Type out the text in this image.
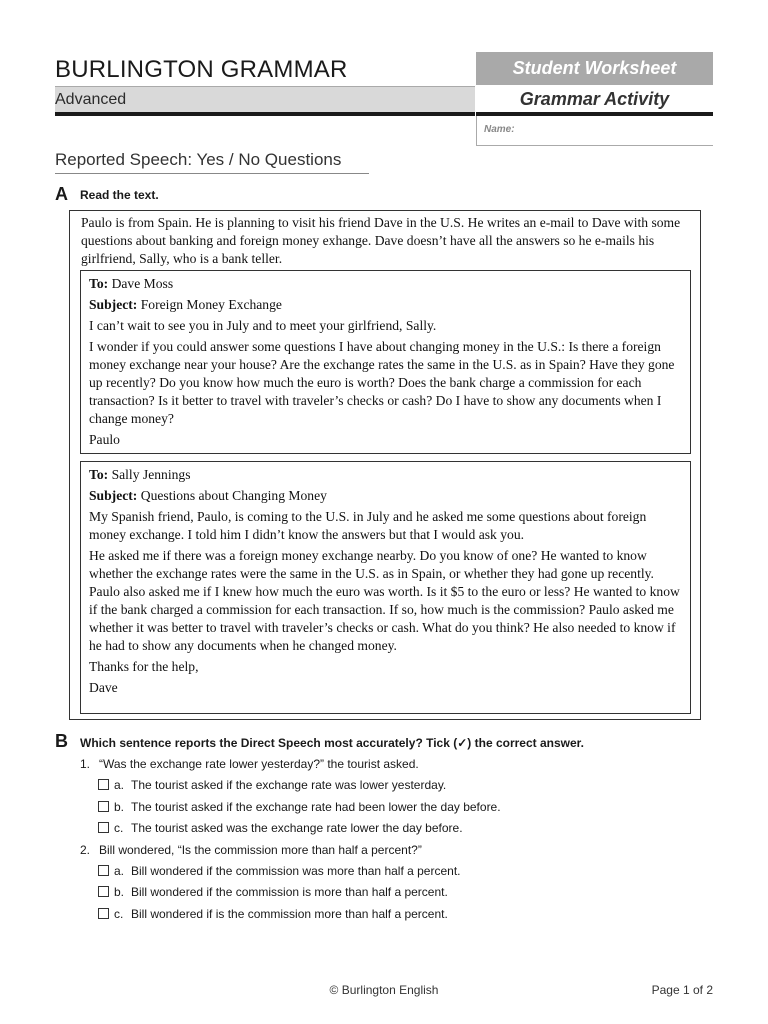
BURLINGTON GRAMMAR
Advanced
Student Worksheet
Grammar Activity
Name:
Reported Speech: Yes / No Questions
A Read the text.
Paulo is from Spain. He is planning to visit his friend Dave in the U.S. He writes an e-mail to Dave with some questions about banking and foreign money exhange. Dave doesn’t have all the answers so he e-mails his girlfriend, Sally, who is a bank teller.

To: Dave Moss

Subject: Foreign Money Exchange

I can’t wait to see you in July and to meet your girlfriend, Sally.

I wonder if you could answer some questions I have about changing money in the U.S.: Is there a foreign money exchange near your house? Are the exchange rates the same in the U.S. as in Spain? Have they gone up recently? Do you know how much the euro is worth? Does the bank charge a commission for each transaction? Is it better to travel with traveler’s checks or cash? Do I have to show any documents when I change money?

Paulo

To: Sally Jennings

Subject: Questions about Changing Money

My Spanish friend, Paulo, is coming to the U.S. in July and he asked me some questions about foreign money exchange. I told him I didn’t know the answers but that I would ask you.

He asked me if there was a foreign money exchange nearby. Do you know of one? He wanted to know whether the exchange rates were the same in the U.S. as in Spain, or whether they had gone up recently. Paulo also asked me if I knew how much the euro was worth. Is it $5 to the euro or less? He wanted to know if the bank charged a commission for each transaction. If so, how much is the commission? Paulo asked me whether it was better to travel with traveler’s checks or cash. What do you think? He also needed to know if he had to show any documents when he changed money.

Thanks for the help,

Dave

B Which sentence reports the Direct Speech most accurately? Tick (✓) the correct answer.
1. “Was the exchange rate lower yesterday?” the tourist asked.
a. The tourist asked if the exchange rate was lower yesterday.
b. The tourist asked if the exchange rate had been lower the day before.
c. The tourist asked was the exchange rate lower the day before.
2. Bill wondered, “Is the commission more than half a percent?”
a. Bill wondered if the commission was more than half a percent.
b. Bill wondered if the commission is more than half a percent.
c. Bill wondered if is the commission more than half a percent.
© Burlington English	Page 1 of 2
